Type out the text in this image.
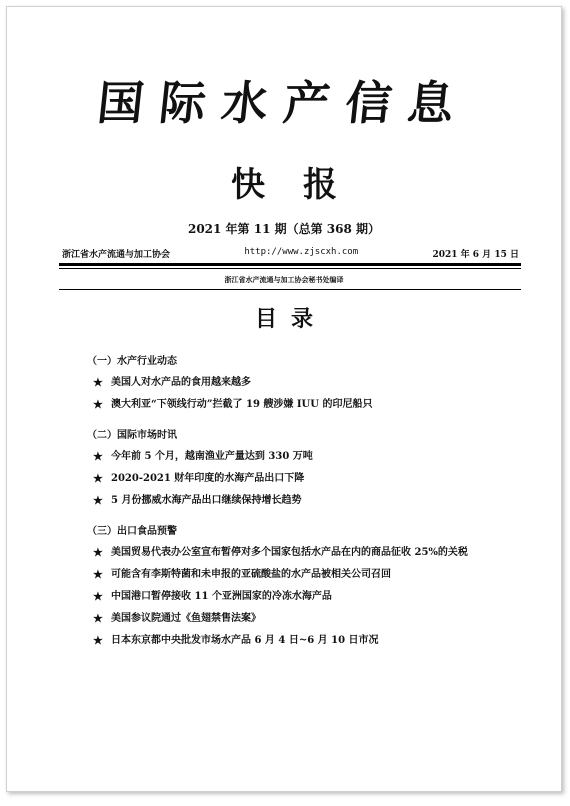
国际水产信息
快报
2021 年第 11 期（总第 368 期）
浙江省水产流通与加工协会	http://www.zjscxh.com	2021 年 6 月 15 日
浙江省水产流通与加工协会秘书处编译
目录
（一）水产行业动态
★ 美国人对水产品的食用越来越多
★ 澳大利亚“下领线行动”拦截了 19 艘涉嫌 IUU 的印尼船只
（二）国际市场时讯
★ 今年前 5 个月，越南渔业产量达到 330 万吨
★ 2020-2021 财年印度的水海产品出口下降
★ 5 月份挪威水海产品出口继续保持增长趋势
（三）出口食品预警
★ 美国贸易代表办公室宣布暂停对多个国家包括水产品在内的商品征收 25%的关税
★ 可能含有李斯特菌和未申报的亚硫酸盐的水产品被相关公司召回
★ 中国港口暂停接收 11 个亚洲国家的冷冻水海产品
★ 美国参议院通过《鱼翅禁售法案》
★ 日本东京都中央批发市场水产品 6 月 4 日~6 月 10 日市况
